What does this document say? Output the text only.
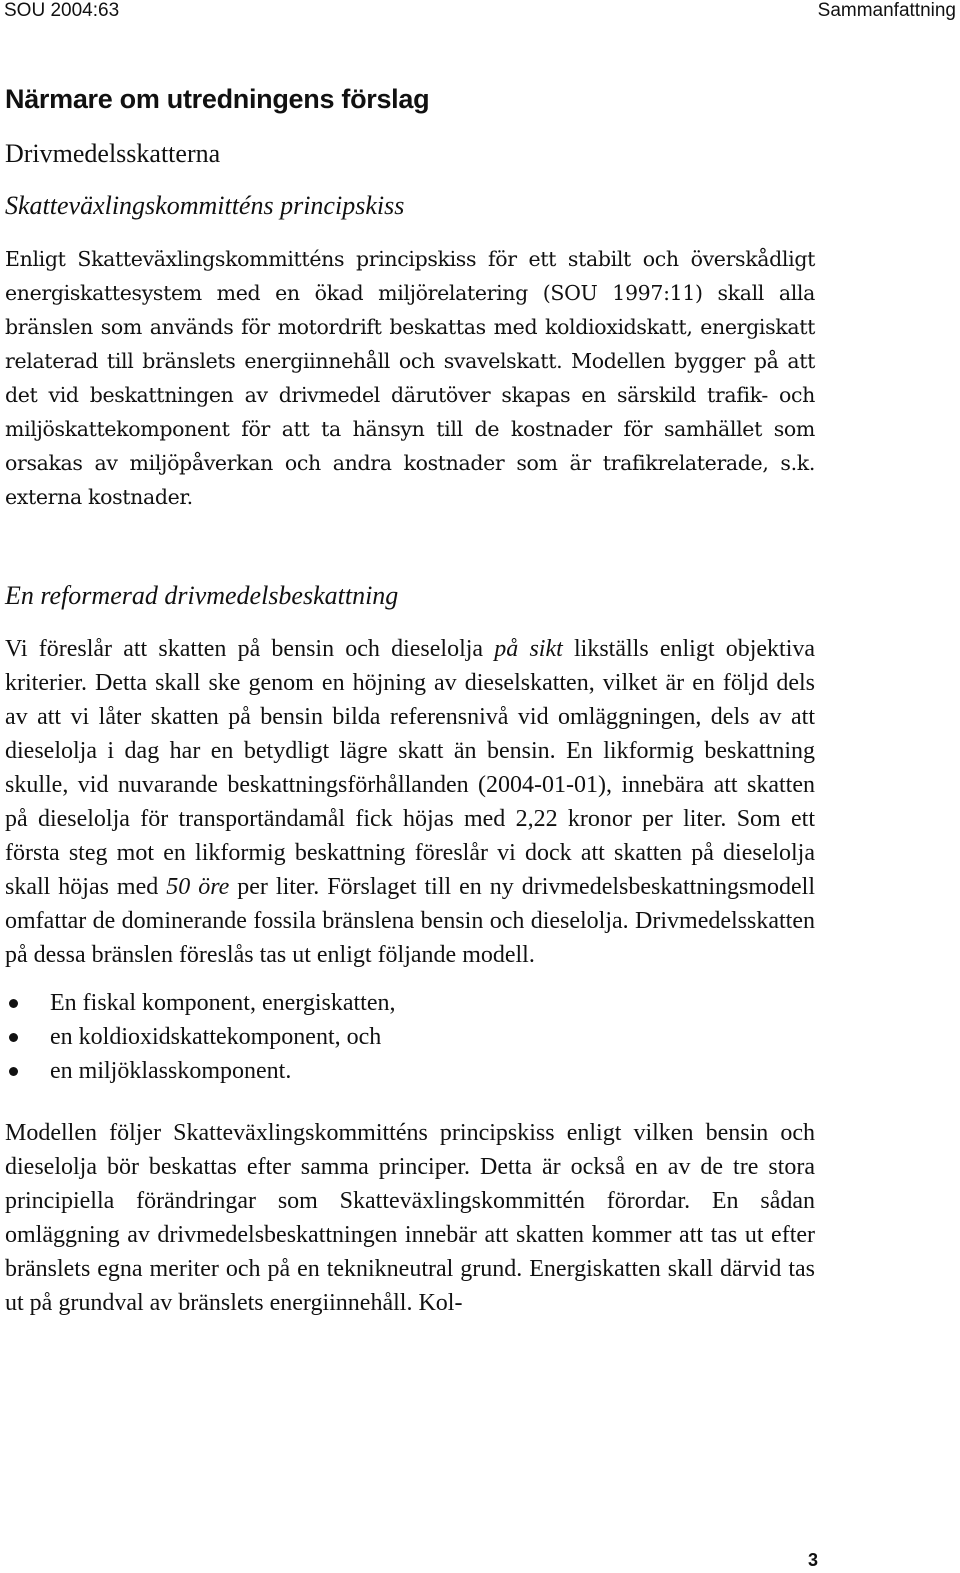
SOU 2004:63	Sammanfattning
Närmare om utredningens förslag
Drivmedelsskatterna
Skatteväxlingskommitténs principskiss

Enligt Skatteväxlingskommitténs principskiss för ett stabilt och överskådligt energiskattesystem med en ökad miljörelatering (SOU 1997:11) skall alla bränslen som används för motordrift beskattas med koldioxidskatt, energiskatt relaterad till bränslets energiinnehåll och svavelskatt. Modellen bygger på att det vid beskattningen av drivmedel därutöver skapas en särskild trafik- och miljöskattekomponent för att ta hänsyn till de kostnader för samhället som orsakas av miljöpåverkan och andra kostnader som är trafikrelaterade, s.k. externa kostnader.

En reformerad drivmedelsbeskattning

Vi föreslår att skatten på bensin och dieselolja på sikt likställs enligt objektiva kriterier. Detta skall ske genom en höjning av dieselskatten, vilket är en följd dels av att vi låter skatten på bensin bilda referensnivå vid omläggningen, dels av att dieselolja i dag har en betydligt lägre skatt än bensin. En likformig beskattning skulle, vid nuvarande beskattningsförhållanden (2004-01-01), innebära att skatten på dieselolja för transportändamål fick höjas med 2,22 kronor per liter. Som ett första steg mot en likformig beskattning föreslår vi dock att skatten på dieselolja skall höjas med 50 öre per liter. Förslaget till en ny drivmedelsbeskattningsmodell omfattar de dominerande fossila bränslena bensin och dieselolja. Drivmedelsskatten på dessa bränslen föreslås tas ut enligt följande modell.

En fiskal komponent, energiskatten,
en koldioxidskattekomponent, och
en miljöklasskomponent.

Modellen följer Skatteväxlingskommitténs principskiss enligt vilken bensin och dieselolja bör beskattas efter samma principer. Detta är också en av de tre stora principiella förändringar som Skatteväxlingskommittén förordar. En sådan omläggning av drivmedelsbeskattningen innebär att skatten kommer att tas ut efter bränslets egna meriter och på en teknikneutral grund. Energiskatten skall därvid tas ut på grundval av bränslets energiinnehåll. Kol-

3
